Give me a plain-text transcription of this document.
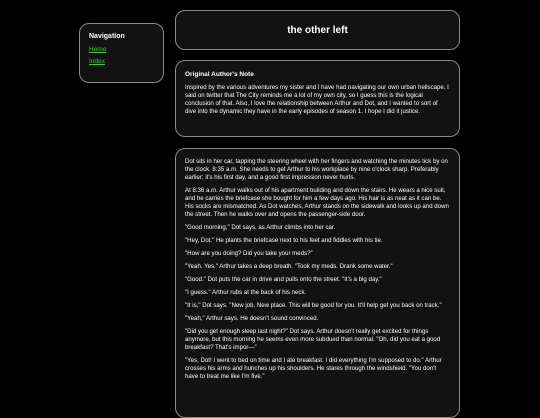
Navigation
Home
Index
the other left
Original Author's Note

Inspired by the various adventures my sister and I have had navigating our own urban hellscape. I said on twitter that The City reminds me a lot of my own city, so I guess this is the logical conclusion of that. Also, I love the relationship between Arthur and Dot, and I wanted to sort of dive into the dynamic they have in the early episodes of season 1. I hope I did it justice.

Dot sits in her car, tapping the steering wheel with her fingers and watching the minutes tick by on the clock. 8:35 a.m. She needs to get Arthur to his workplace by nine o'clock sharp. Preferably earlier; it's his first day, and a good first impression never hurts.

At 8:36 a.m. Arthur walks out of his apartment building and down the stairs. He wears a nice suit, and he carries the briefcase she bought for him a few days ago. His hair is as neat as it can be. His socks are mismatched. As Dot watches, Arthur stands on the sidewalk and looks up and down the street. Then he walks over and opens the passenger-side door.

"Good morning," Dot says, as Arthur climbs into her car.

"Hey, Dot." He plants the briefcase next to his feet and fiddles with his tie.

"How are you doing? Did you take your meds?"

"Yeah. Yes." Arthur takes a deep breath. "Took my meds. Drank some water."

"Good." Dot puts the car in drive and pulls onto the street. "It's a big day."

"I guess." Arthur rubs at the back of his neck.

"It is," Dot says. "New job. New place. This will be good for you. It'll help get you back on track."

"Yeah," Arthur says. He doesn't sound convinced.

"Did you get enough sleep last night?" Dot says. Arthur doesn't really get excited for things anymore, but this morning he seems even more subdued than normal. "Oh, did you eat a good breakfast? That's impor—"

"Yes, Dot! I went to bed on time and I ate breakfast. I did everything I'm supposed to do." Arthur crosses his arms and hunches up his shoulders. He stares through the windshield. "You don't have to treat me like I'm five."
